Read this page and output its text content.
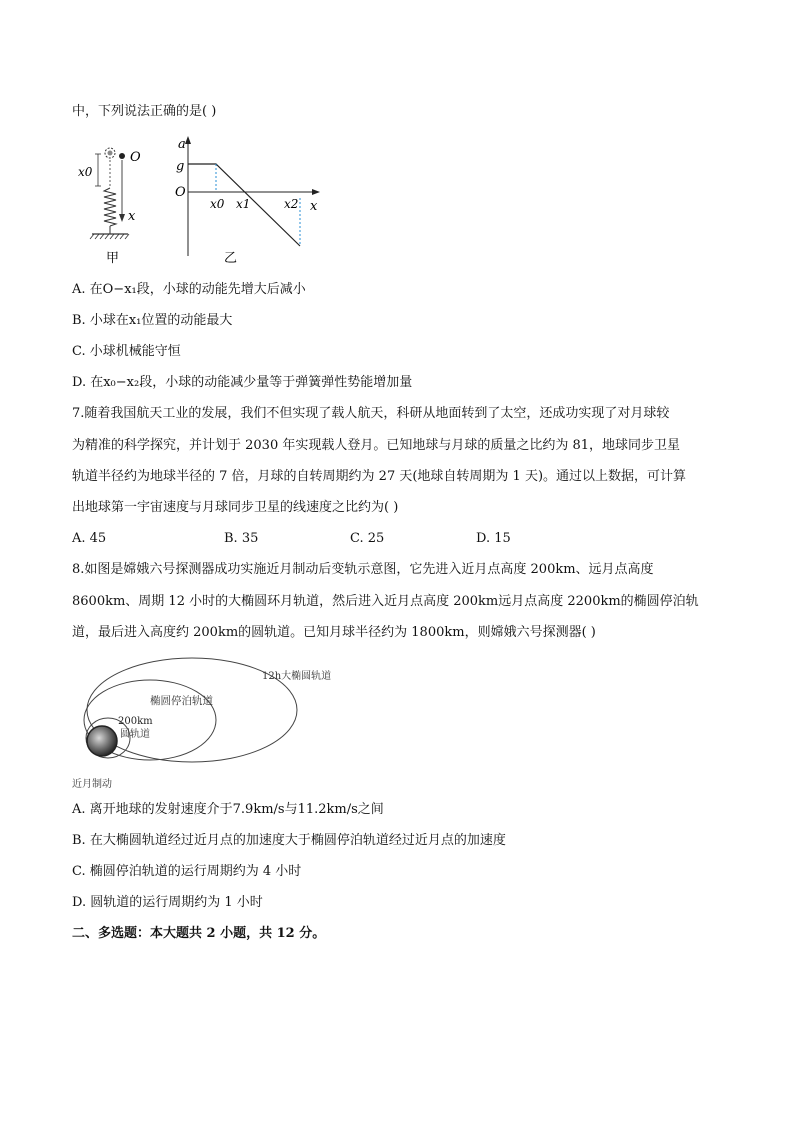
中，下列说法正确的是( )
O
x0
x
甲
a
g
O
x0 x1	x2 x
乙
A. 在O−x₁段，小球的动能先增大后减小
B. 小球在x₁位置的动能最大
C. 小球机械能守恒
D. 在x₀−x₂段，小球的动能减少量等于弹簧弹性势能增加量
7.随着我国航天工业的发展，我们不但实现了载人航天，科研从地面转到了太空，还成功实现了对月球较
为精准的科学探究，并计划于 2030 年实现载人登月。已知地球与月球的质量之比约为 81，地球同步卫星
轨道半径约为地球半径的 7 倍，月球的自转周期约为 27 天(地球自转周期为 1 天)。通过以上数据，可计算
出地球第一宇宙速度与月球同步卫星的线速度之比约为( )
A. 45	B. 35	C. 25	D. 15
8.如图是嫦娥六号探测器成功实施近月制动后变轨示意图，它先进入近月点高度 200km、远月点高度
8600km、周期 12 小时的大椭圆环月轨道，然后进入近月点高度 200km远月点高度 2200km的椭圆停泊轨
道，最后进入高度约 200km的圆轨道。已知月球半径约为 1800km，则嫦娥六号探测器( )
12h大椭圆轨道
椭圆停泊轨道
200km
圆轨道
近月制动
A. 离开地球的发射速度介于7.9km/s与11.2km/s之间
B. 在大椭圆轨道经过近月点的加速度大于椭圆停泊轨道经过近月点的加速度
C. 椭圆停泊轨道的运行周期约为 4 小时
D. 圆轨道的运行周期约为 1 小时
二、多选题：本大题共 2 小题，共 12 分。
